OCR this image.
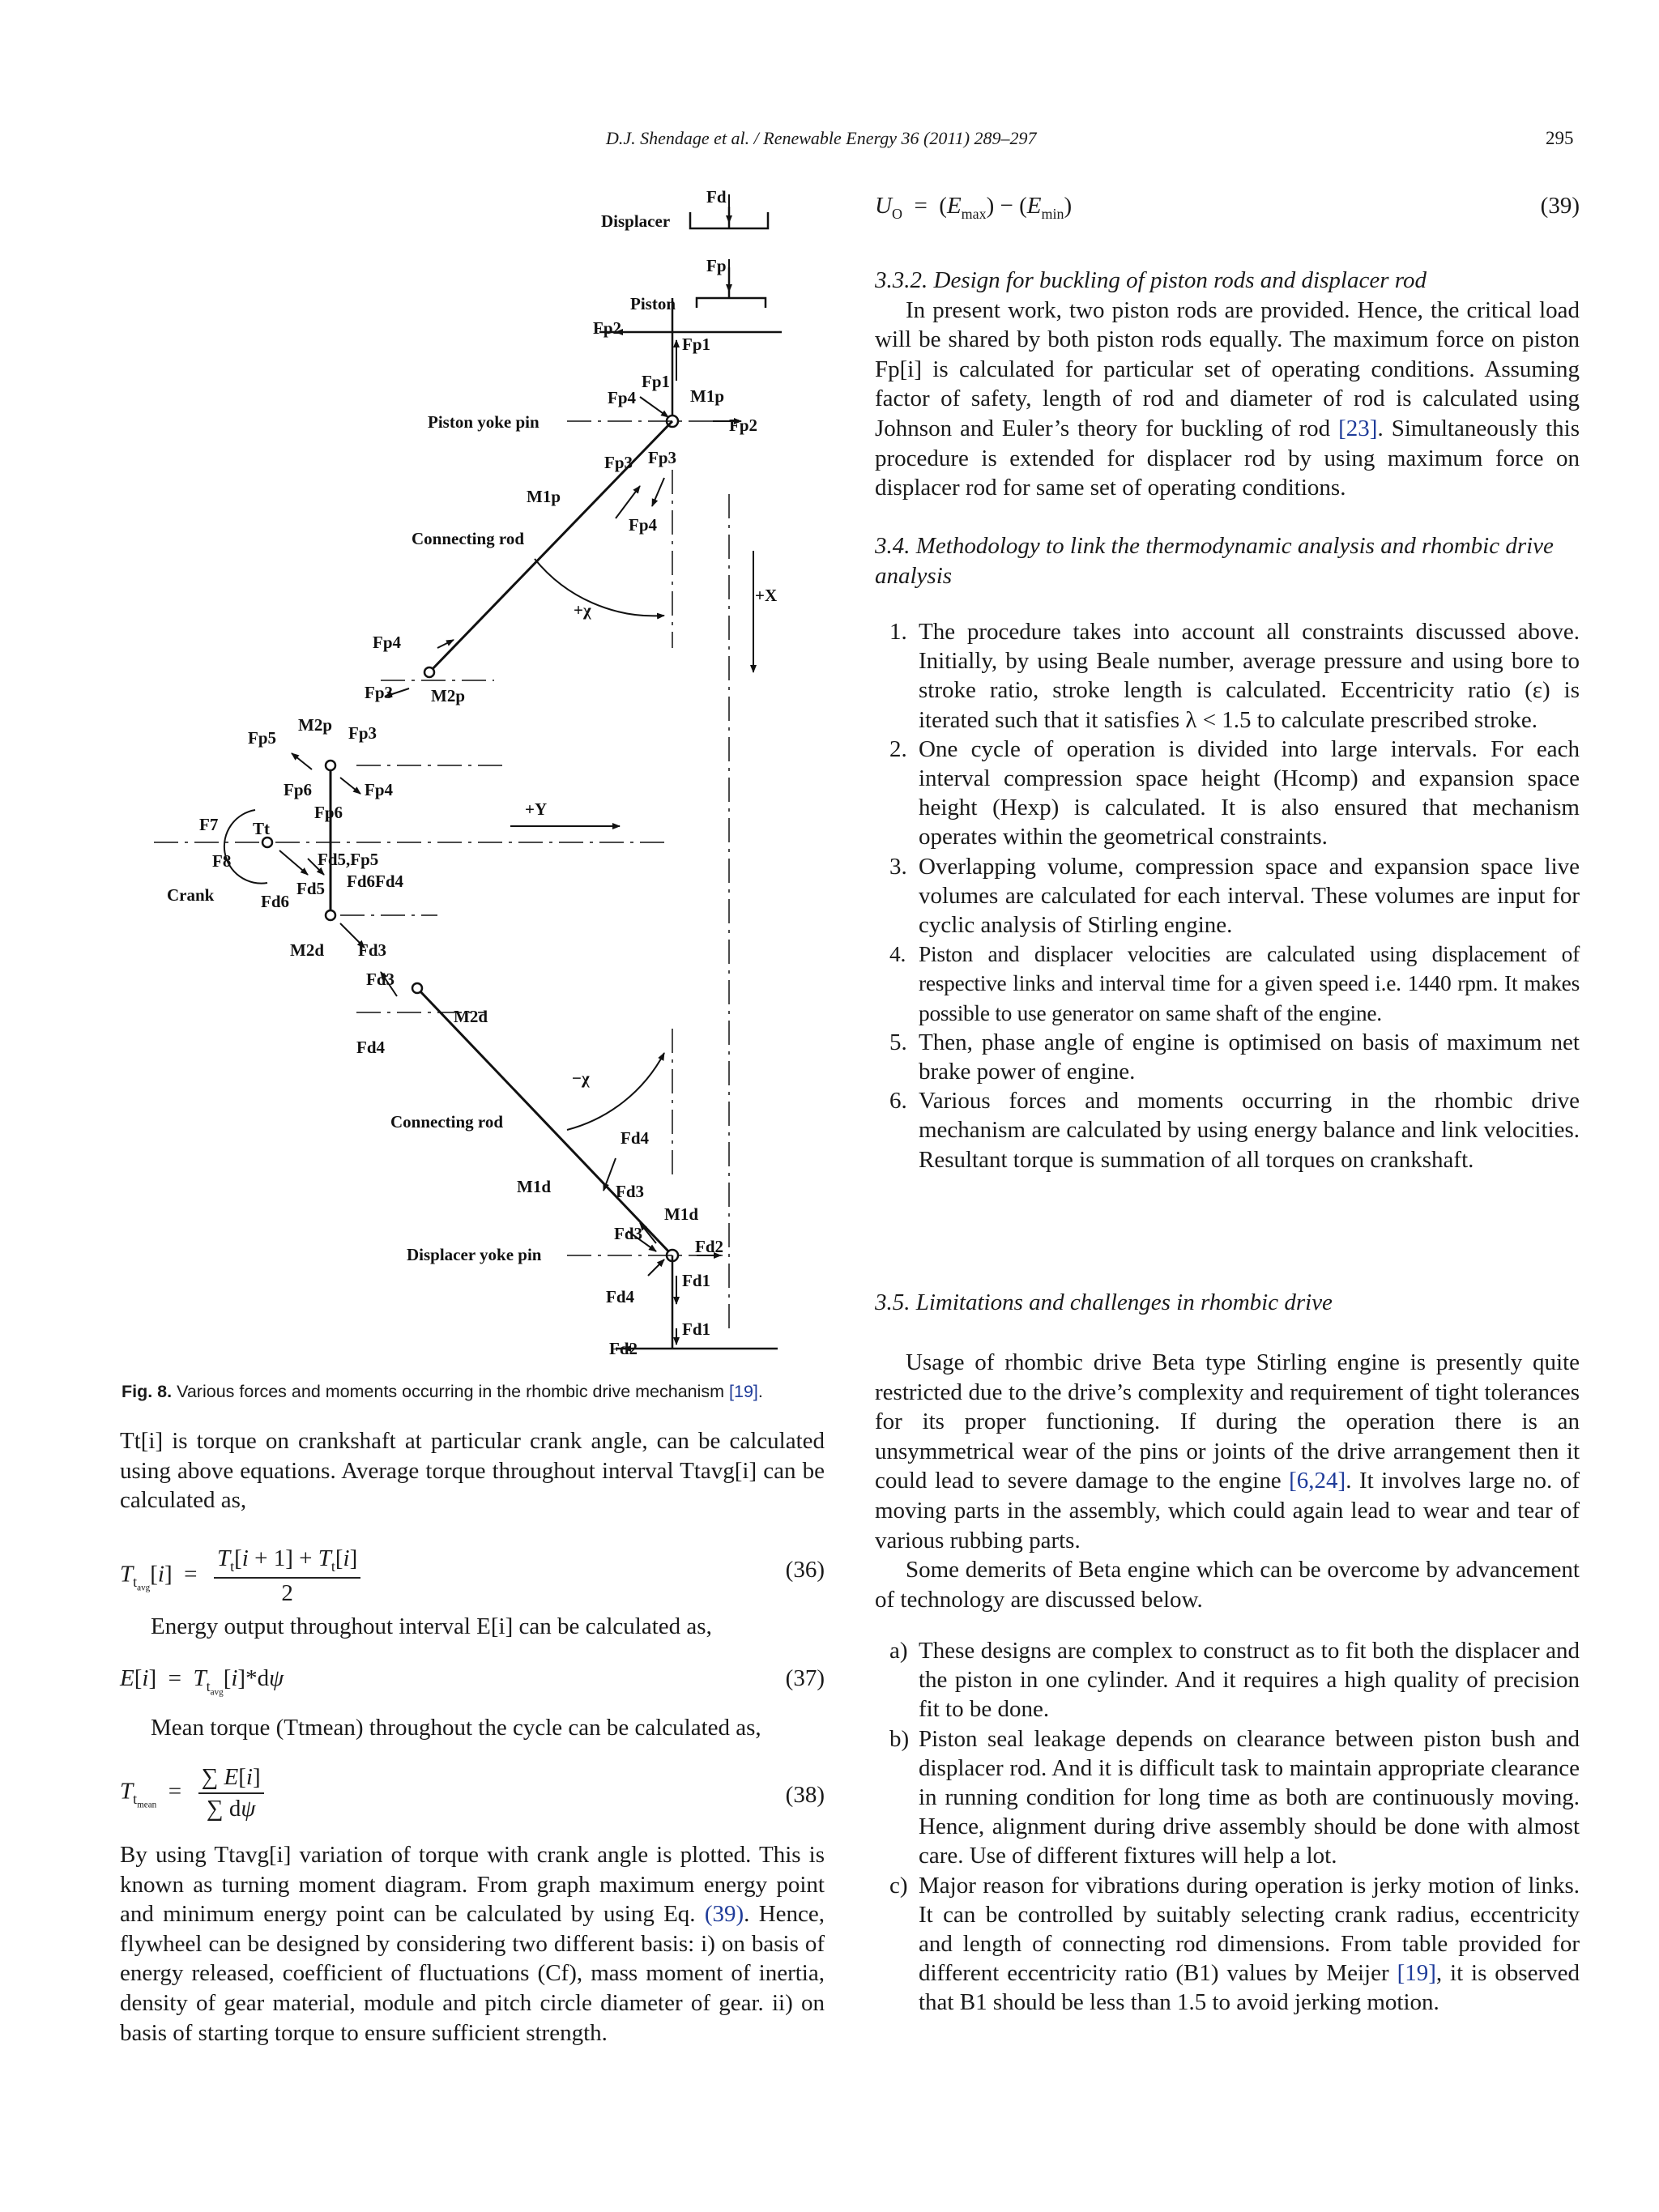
D.J. Shendage et al. / Renewable Energy 36 (2011) 289–297	295
Fd
Displacer
Fp
Piston
Fp2
Fp1
Fp1
Fp4	M1p
Piston yoke pin	Fp2
Fp3 Fp3
M1p
Connecting rod
Fp4
+X
+χ
Fp4
Fp3 M2p
Fp5
M2p Fp3
Fp6	Fp4
Fp6	+Y
F7 Tt
F8	Fd5,Fp5
Fd6Fd4
Crank	Fd5
Fd6
M2d Fd3
Fd3
M2d
Fd4
−χ
Connecting rod
Fd4
M1d	Fd3
M1d
Fd3
Fd2
Displacer yoke pin
Fd1
Fd4
Fd1
Fd2
Fig. 8. Various forces and moments occurring in the rhombic drive mechanism [19].

Tt[i] is torque on crankshaft at particular crank angle, can be calculated using above equations. Average torque throughout interval Ttavg[i] can be calculated as,

$T_{t_{avg}}[i] = \frac{T_t[i + 1] + T_t[i]}{2}$	(36)

Energy output throughout interval E[i] can be calculated as,

$E[i] = T_{t_{avg}}[i]*d\psi$	(37)

Mean torque (Ttmean) throughout the cycle can be calculated as,

$T_{t_{mean}} = \frac{\sum E[i]}{\sum d\psi}$	(38)

By using Ttavg[i] variation of torque with crank angle is plotted. This is known as turning moment diagram. From graph maximum energy point and minimum energy point can be calculated by using Eq. (39). Hence, flywheel can be designed by considering two different basis: i) on basis of energy released, coefficient of fluctuations (Cf), mass moment of inertia, density of gear material, module and pitch circle diameter of gear. ii) on basis of starting torque to ensure sufficient strength.

$U_O = (E_{max}) - (E_{min})$	(39)
3.3.2. Design for buckling of piston rods and displacer rod

In present work, two piston rods are provided. Hence, the critical load will be shared by both piston rods equally. The maximum force on piston Fp[i] is calculated for particular set of operating conditions. Assuming factor of safety, length of rod and diameter of rod is calculated using Johnson and Euler’s theory for buckling of rod [23]. Simultaneously this procedure is extended for displacer rod by using maximum force on displacer rod for same set of operating conditions.

3.4. Methodology to link the thermodynamic analysis and rhombic drive analysis
1. The procedure takes into account all constraints discussed above. Initially, by using Beale number, average pressure and using bore to stroke ratio, stroke length is calculated. Eccentricity ratio (ε) is iterated such that it satisfies λ < 1.5 to calculate prescribed stroke.
2. One cycle of operation is divided into large intervals. For each interval compression space height (Hcomp) and expansion space height (Hexp) is calculated. It is also ensured that mechanism operates within the geometrical constraints.
3. Overlapping volume, compression space and expansion space live volumes are calculated for each interval. These volumes are input for cyclic analysis of Stirling engine.
4. Piston and displacer velocities are calculated using displacement of respective links and interval time for a given speed i.e. 1440 rpm. It makes possible to use generator on same shaft of the engine.
5. Then, phase angle of engine is optimised on basis of maximum net brake power of engine.
6. Various forces and moments occurring in the rhombic drive mechanism are calculated by using energy balance and link velocities. Resultant torque is summation of all torques on crankshaft.
3.5. Limitations and challenges in rhombic drive

Usage of rhombic drive Beta type Stirling engine is presently quite restricted due to the drive’s complexity and requirement of tight tolerances for its proper functioning. If during the operation there is an unsymmetrical wear of the pins or joints of the drive arrangement then it could lead to severe damage to the engine [6,24]. It involves large no. of moving parts in the assembly, which could again lead to wear and tear of various rubbing parts.

Some demerits of Beta engine which can be overcome by advancement of technology are discussed below.

a) These designs are complex to construct as to fit both the displacer and the piston in one cylinder. And it requires a high quality of precision fit to be done.
b) Piston seal leakage depends on clearance between piston bush and displacer rod. And it is difficult task to maintain appropriate clearance in running condition for long time as both are continuously moving. Hence, alignment during drive assembly should be done with almost care. Use of different fixtures will help a lot.
c) Major reason for vibrations during operation is jerky motion of links. It can be controlled by suitably selecting crank radius, eccentricity and length of connecting rod dimensions. From table provided for different eccentricity ratio (B1) values by Meijer [19], it is observed that B1 should be less than 1.5 to avoid jerking motion.
